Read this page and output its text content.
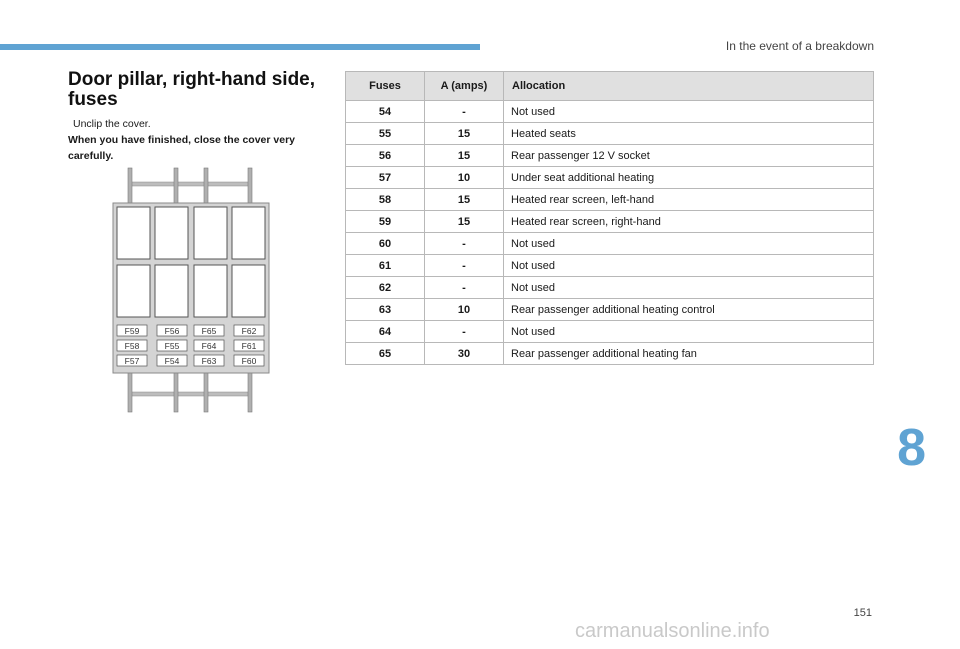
In the event of a breakdown
Door pillar, right-hand side, fuses
Unclip the cover.
When you have finished, close the cover very carefully.
F59	F56	F65	F62
F58	F55	F64	F61
F57	F54	F63	F60
Fuses	A (amps)	Allocation
54	-	Not used
55	15	Heated seats
56	15	Rear passenger 12 V socket
57	10	Under seat additional heating
58	15	Heated rear screen, left-hand
59	15	Heated rear screen, right-hand
60	-	Not used
61	-	Not used
62	-	Not used
63	10	Rear passenger additional heating control
64	-	Not used
65	30	Rear passenger additional heating fan
8
151
carmanualsonline.info
